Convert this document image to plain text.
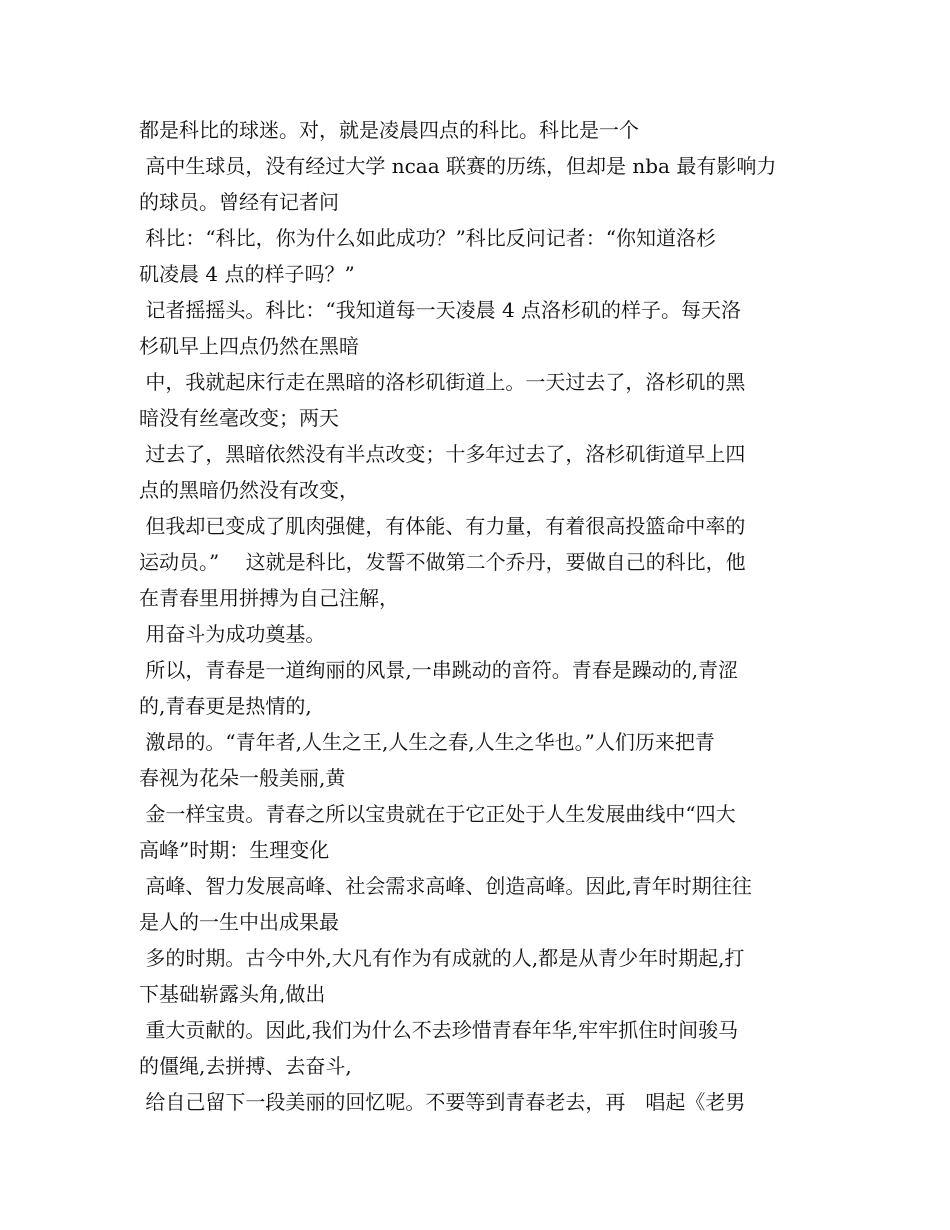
都是科比的球迷。对，就是凌晨四点的科比。科比是一个
高中生球员，没有经过大学 ncaa 联赛的历练，但却是 nba 最有影响力
的球员。曾经有记者问
科比：“科比，你为什么如此成功？”科比反问记者：“你知道洛杉
矶凌晨 4 点的样子吗？”
记者摇摇头。科比：“我知道每一天凌晨 4 点洛杉矶的样子。每天洛
杉矶早上四点仍然在黑暗
中，我就起床行走在黑暗的洛杉矶街道上。一天过去了，洛杉矶的黑
暗没有丝毫改变；两天
过去了，黑暗依然没有半点改变；十多年过去了，洛杉矶街道早上四
点的黑暗仍然没有改变，
但我却已变成了肌肉强健，有体能、有力量，有着很高投篮命中率的
运动员。”　 这就是科比，发誓不做第二个乔丹，要做自己的科比，他
在青春里用拼搏为自己注解，
用奋斗为成功奠基。
所以，青春是一道绚丽的风景,一串跳动的音符。青春是躁动的,青涩
的,青春更是热情的,
激昂的。“青年者,人生之王,人生之春,人生之华也。”人们历来把青
春视为花朵一般美丽,黄
金一样宝贵。青春之所以宝贵就在于它正处于人生发展曲线中“四大
高峰”时期：生理变化
高峰、智力发展高峰、社会需求高峰、创造高峰。因此,青年时期往往
是人的一生中出成果最
多的时期。古今中外,大凡有作为有成就的人,都是从青少年时期起,打
下基础崭露头角,做出
重大贡献的。因此,我们为什么不去珍惜青春年华,牢牢抓住时间骏马
的僵绳,去拼搏、去奋斗,
给自己留下一段美丽的回忆呢。不要等到青春老去，再　唱起《老男
